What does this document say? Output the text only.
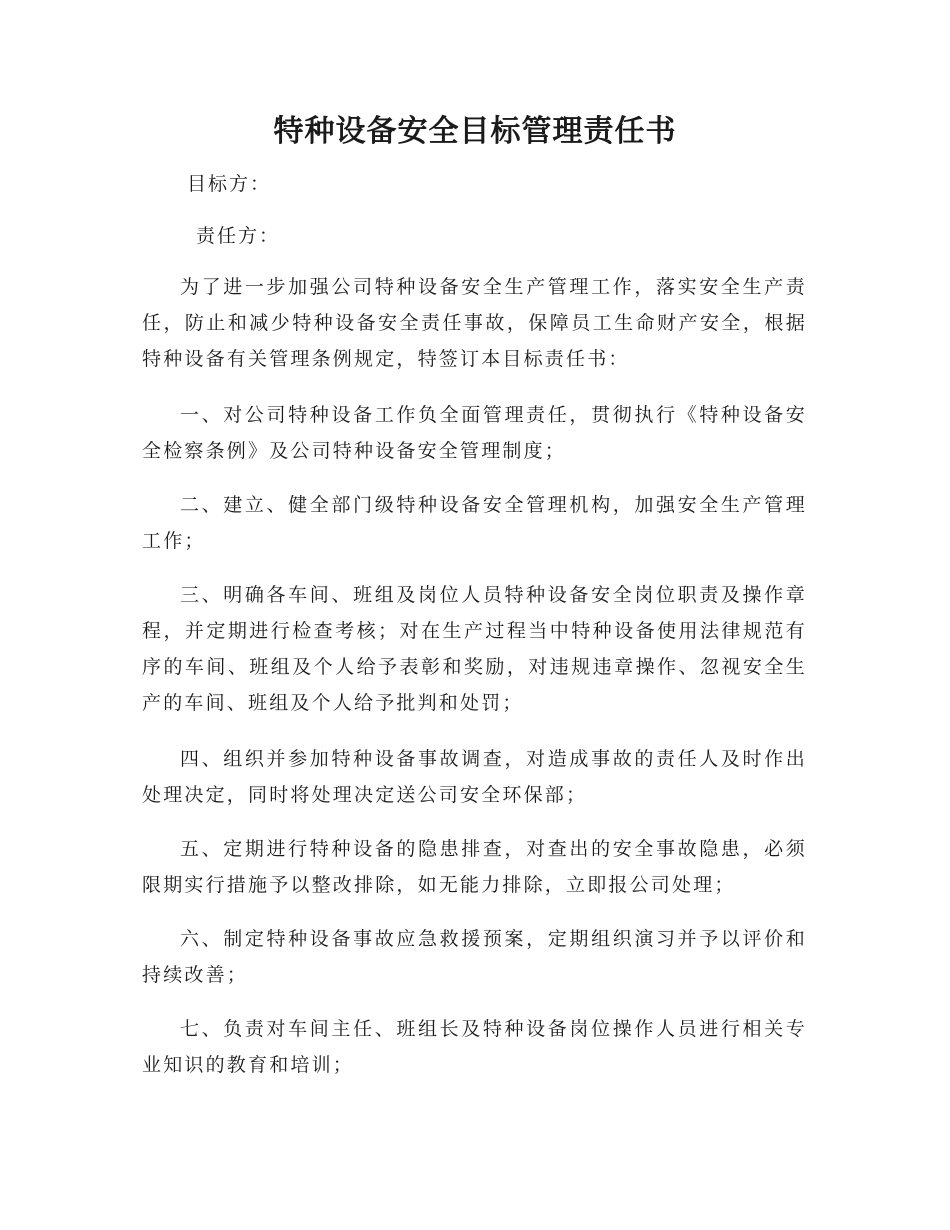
特种设备安全目标管理责任书
目标方：
责任方：

为了进一步加强公司特种设备安全生产管理工作，落实安全生产责任，防止和减少特种设备安全责任事故，保障员工生命财产安全，根据特种设备有关管理条例规定，特签订本目标责任书：

一、对公司特种设备工作负全面管理责任，贯彻执行《特种设备安全检察条例》及公司特种设备安全管理制度；

二、建立、健全部门级特种设备安全管理机构，加强安全生产管理工作；

三、明确各车间、班组及岗位人员特种设备安全岗位职责及操作章程，并定期进行检查考核；对在生产过程当中特种设备使用法律规范有序的车间、班组及个人给予表彰和奖励，对违规违章操作、忽视安全生产的车间、班组及个人给予批判和处罚；

四、组织并参加特种设备事故调查，对造成事故的责任人及时作出处理决定，同时将处理决定送公司安全环保部；

五、定期进行特种设备的隐患排查，对查出的安全事故隐患，必须限期实行措施予以整改排除，如无能力排除，立即报公司处理；

六、制定特种设备事故应急救援预案，定期组织演习并予以评价和持续改善；

七、负责对车间主任、班组长及特种设备岗位操作人员进行相关专业知识的教育和培训；
